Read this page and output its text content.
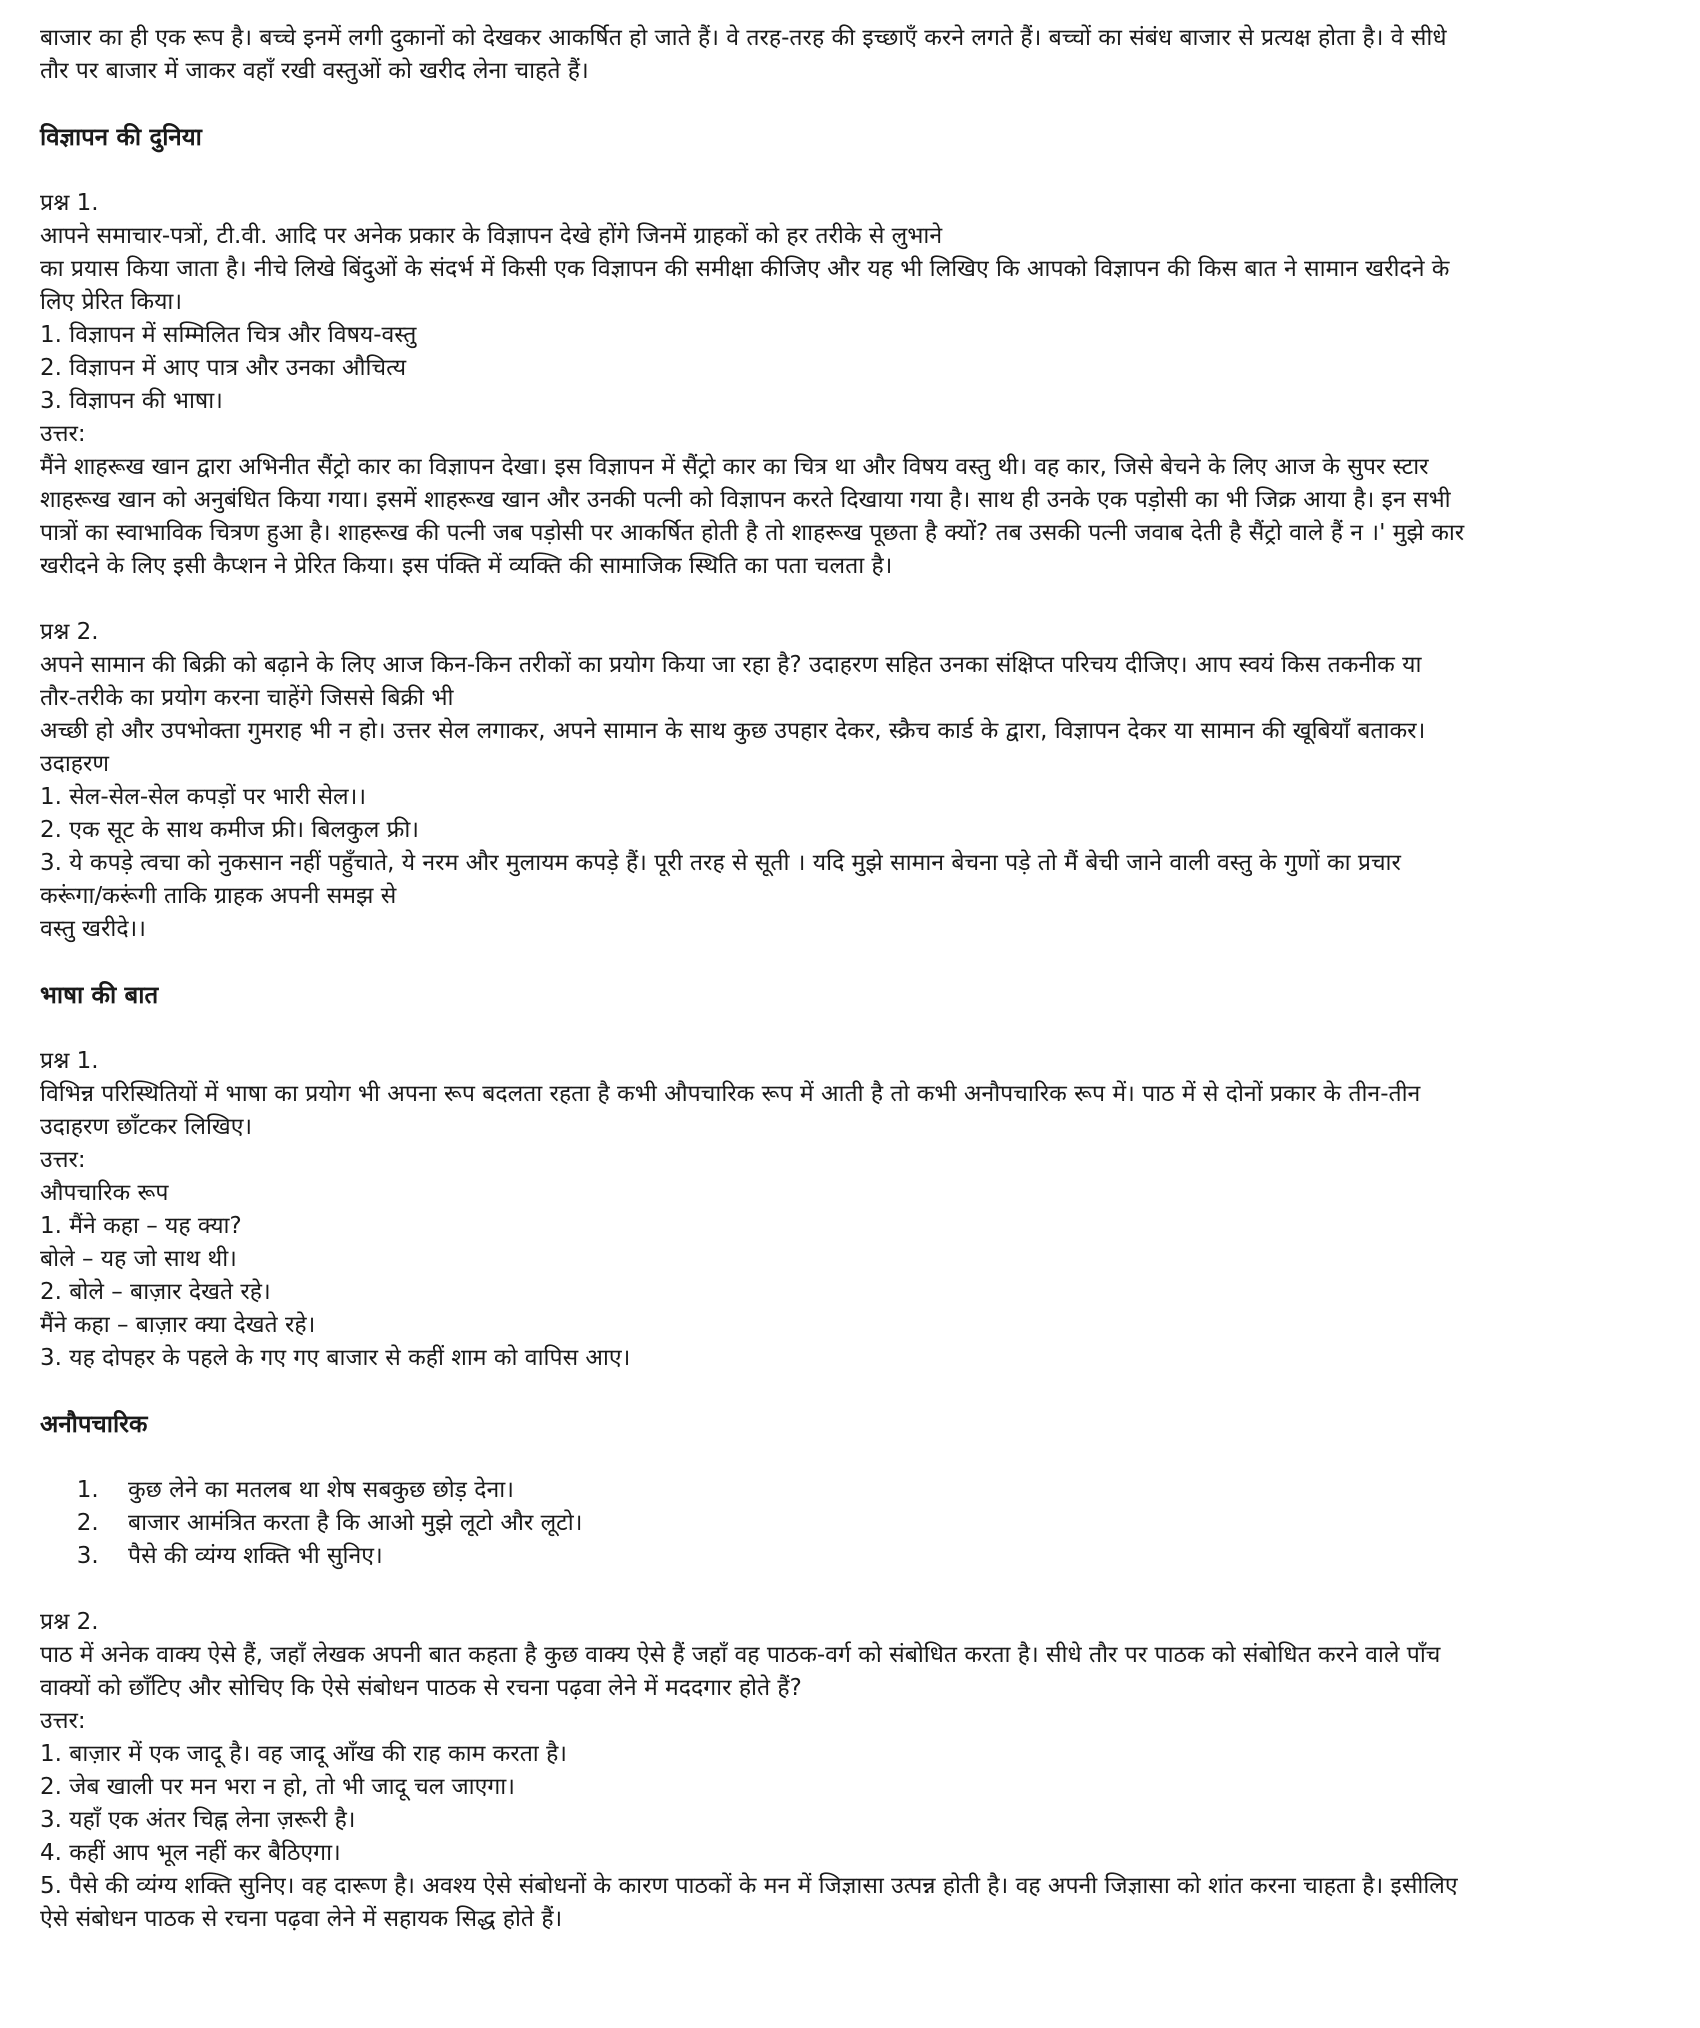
बाजार का ही एक रूप है। बच्चे इनमें लगी दुकानों को देखकर आकर्षित हो जाते हैं। वे तरह-तरह की इच्छाएँ करने लगते हैं। बच्चों का संबंध बाजार से प्रत्यक्ष होता है। वे सीधे
तौर पर बाजार में जाकर वहाँ रखी वस्तुओं को खरीद लेना चाहते हैं।
विज्ञापन की दुनिया
प्रश्न 1.
आपने समाचार-पत्रों, टी.वी. आदि पर अनेक प्रकार के विज्ञापन देखे होंगे जिनमें ग्राहकों को हर तरीके से लुभाने
का प्रयास किया जाता है। नीचे लिखे बिंदुओं के संदर्भ में किसी एक विज्ञापन की समीक्षा कीजिए और यह भी लिखिए कि आपको विज्ञापन की किस बात ने सामान खरीदने के
लिए प्रेरित किया।
1. विज्ञापन में सम्मिलित चित्र और विषय-वस्तु
2. विज्ञापन में आए पात्र और उनका औचित्य
3. विज्ञापन की भाषा।
उत्तर:
मैंने शाहरूख खान द्वारा अभिनीत सैंट्रो कार का विज्ञापन देखा। इस विज्ञापन में सैंट्रो कार का चित्र था और विषय वस्तु थी। वह कार, जिसे बेचने के लिए आज के सुपर स्टार
शाहरूख खान को अनुबंधित किया गया। इसमें शाहरूख खान और उनकी पत्नी को विज्ञापन करते दिखाया गया है। साथ ही उनके एक पड़ोसी का भी जिक्र आया है। इन सभी
पात्रों का स्वाभाविक चित्रण हुआ है। शाहरूख की पत्नी जब पड़ोसी पर आकर्षित होती है तो शाहरूख पूछता है क्यों? तब उसकी पत्नी जवाब देती है सैंट्रो वाले हैं न ।' मुझे कार
खरीदने के लिए इसी कैप्शन ने प्रेरित किया। इस पंक्ति में व्यक्ति की सामाजिक स्थिति का पता चलता है।
प्रश्न 2.
अपने सामान की बिक्री को बढ़ाने के लिए आज किन-किन तरीकों का प्रयोग किया जा रहा है? उदाहरण सहित उनका संक्षिप्त परिचय दीजिए। आप स्वयं किस तकनीक या
तौर-तरीके का प्रयोग करना चाहेंगे जिससे बिक्री भी
अच्छी हो और उपभोक्ता गुमराह भी न हो। उत्तर सेल लगाकर, अपने सामान के साथ कुछ उपहार देकर, स्क्रैच कार्ड के द्वारा, विज्ञापन देकर या सामान की खूबियाँ बताकर।
उदाहरण
1. सेल-सेल-सेल कपड़ों पर भारी सेल।।
2. एक सूट के साथ कमीज फ्री। बिलकुल फ्री।
3. ये कपड़े त्वचा को नुकसान नहीं पहुँचाते, ये नरम और मुलायम कपड़े हैं। पूरी तरह से सूती । यदि मुझे सामान बेचना पड़े तो मैं बेची जाने वाली वस्तु के गुणों का प्रचार
करूंगा/करूंगी ताकि ग्राहक अपनी समझ से
वस्तु खरीदे।।
भाषा की बात
प्रश्न 1.
विभिन्न परिस्थितियों में भाषा का प्रयोग भी अपना रूप बदलता रहता है कभी औपचारिक रूप में आती है तो कभी अनौपचारिक रूप में। पाठ में से दोनों प्रकार के तीन-तीन
उदाहरण छाँटकर लिखिए।
उत्तर:
औपचारिक रूप
1. मैंने कहा – यह क्या?
बोले – यह जो साथ थी।
2. बोले – बाज़ार देखते रहे।
मैंने कहा – बाज़ार क्या देखते रहे।
3. यह दोपहर के पहले के गए गए बाजार से कहीं शाम को वापिस आए।
अनौपचारिक
1. कुछ लेने का मतलब था शेष सबकुछ छोड़ देना।
2. बाजार आमंत्रित करता है कि आओ मुझे लूटो और लूटो।
3. पैसे की व्यंग्य शक्ति भी सुनिए।
प्रश्न 2.
पाठ में अनेक वाक्य ऐसे हैं, जहाँ लेखक अपनी बात कहता है कुछ वाक्य ऐसे हैं जहाँ वह पाठक-वर्ग को संबोधित करता है। सीधे तौर पर पाठक को संबोधित करने वाले पाँच
वाक्यों को छाँटिए और सोचिए कि ऐसे संबोधन पाठक से रचना पढ़वा लेने में मददगार होते हैं?
उत्तर:
1. बाज़ार में एक जादू है। वह जादू आँख की राह काम करता है।
2. जेब खाली पर मन भरा न हो, तो भी जादू चल जाएगा।
3. यहाँ एक अंतर चिह्न लेना ज़रूरी है।
4. कहीं आप भूल नहीं कर बैठिएगा।
5. पैसे की व्यंग्य शक्ति सुनिए। वह दारूण है। अवश्य ऐसे संबोधनों के कारण पाठकों के मन में जिज्ञासा उत्पन्न होती है। वह अपनी जिज्ञासा को शांत करना चाहता है। इसीलिए
ऐसे संबोधन पाठक से रचना पढ़वा लेने में सहायक सिद्ध होते हैं।
